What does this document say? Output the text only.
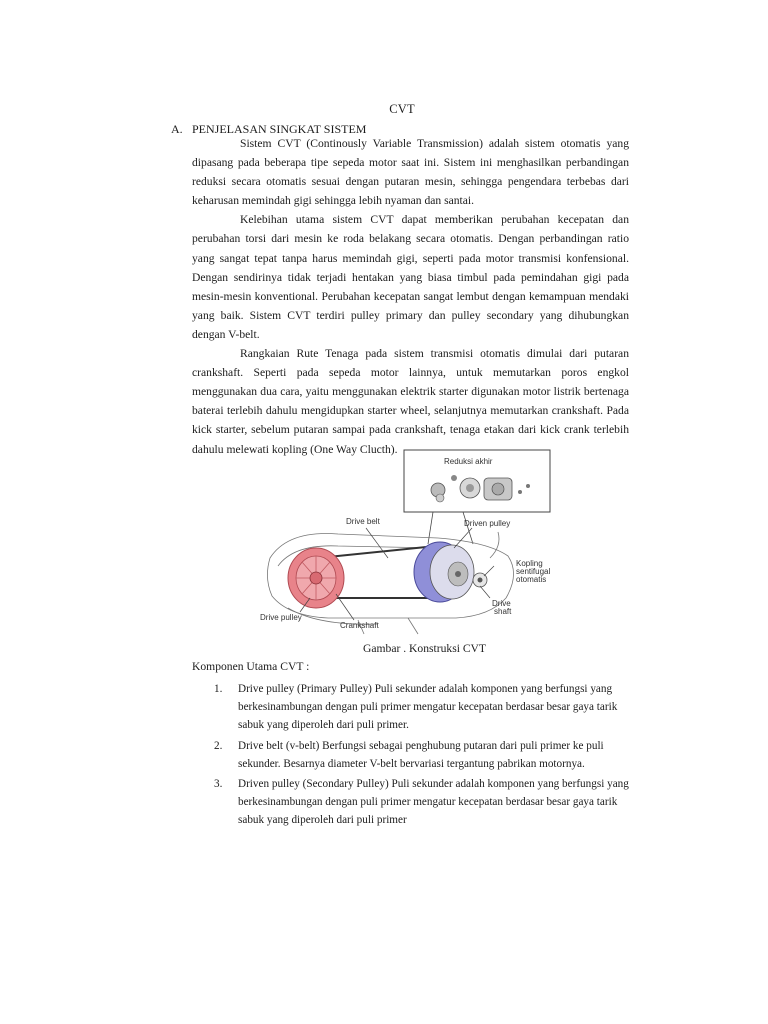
CVT
A. PENJELASAN SINGKAT SISTEM

Sistem CVT (Continously Variable Transmission) adalah sistem otomatis yang dipasang pada beberapa tipe sepeda motor saat ini. Sistem ini menghasilkan perbandingan reduksi secara otomatis sesuai dengan putaran mesin, sehingga pengendara terbebas dari keharusan memindah gigi sehingga lebih nyaman dan santai.

Kelebihan utama sistem CVT dapat memberikan perubahan kecepatan dan perubahan torsi dari mesin ke roda belakang secara otomatis. Dengan perbandingan ratio yang sangat tepat tanpa harus memindah gigi, seperti pada motor transmisi konfensional. Dengan sendirinya tidak terjadi hentakan yang biasa timbul pada pemindahan gigi pada mesin-mesin konventional. Perubahan kecepatan sangat lembut dengan kemampuan mendaki yang baik. Sistem CVT terdiri pulley primary dan pulley secondary yang dihubungkan dengan V-belt.

Rangkaian Rute Tenaga pada sistem transmisi otomatis dimulai dari putaran crankshaft. Seperti pada sepeda motor lainnya, untuk memutarkan poros engkol menggunakan dua cara, yaitu menggunakan elektrik starter digunakan motor listrik bertenaga baterai terlebih dahulu mengidupkan starter wheel, selanjutnya memutarkan crankshaft. Pada kick starter, sebelum putaran sampai pada crankshaft, tenaga etakan dari kick crank terlebih dahulu melewati kopling (One Way Clucth).

Reduksi akhir
Drive belt	Driven pulley
Kopling
sentifugal
otomatis
Drive
shaft
Drive pulley
Crankshaft
Gambar . Konstruksi CVT
Komponen Utama CVT :
1. Drive pulley (Primary Pulley) Puli sekunder adalah komponen yang berfungsi yang berkesinambungan dengan puli primer mengatur kecepatan berdasar besar gaya tarik sabuk yang diperoleh dari puli primer.
2. Drive belt (v-belt) Berfungsi sebagai penghubung putaran dari puli primer ke puli sekunder. Besarnya diameter V-belt bervariasi tergantung pabrikan motornya.
3. Driven pulley (Secondary Pulley) Puli sekunder adalah komponen yang berfungsi yang berkesinambungan dengan puli primer mengatur kecepatan berdasar besar gaya tarik sabuk yang diperoleh dari puli primer
